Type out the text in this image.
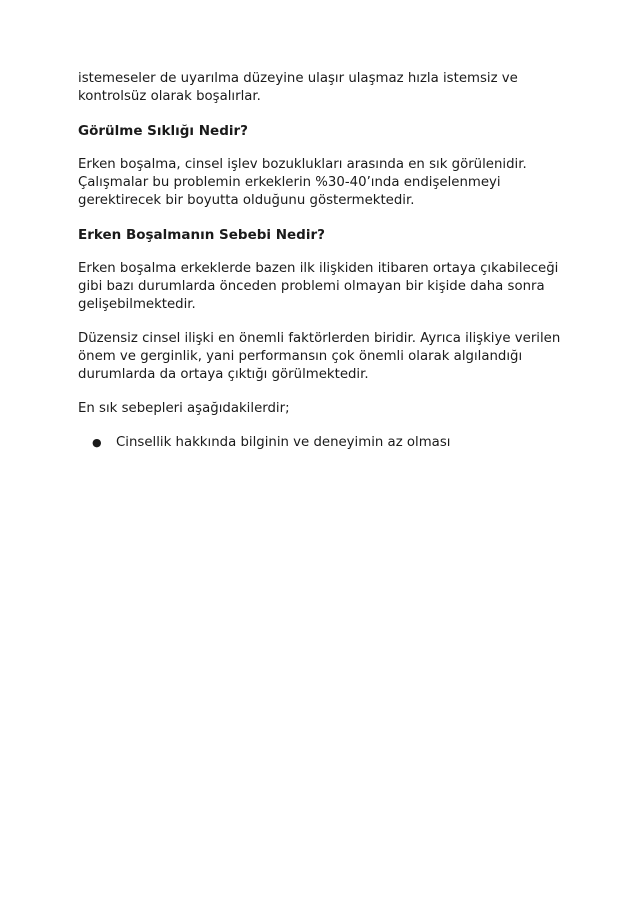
istemeseler de uyarılma düzeyine ulaşır ulaşmaz hızla istemsiz ve
kontrolsüz olarak boşalırlar.

Görülme Sıklığı Nedir?

Erken boşalma, cinsel işlev bozuklukları arasında en sık görülenidir.
Çalışmalar bu problemin erkeklerin %30-40’ında endişelenmeyi
gerektirecek bir boyutta olduğunu göstermektedir.

Erken Boşalmanın Sebebi Nedir?

Erken boşalma erkeklerde bazen ilk ilişkiden itibaren ortaya çıkabileceği
gibi bazı durumlarda önceden problemi olmayan bir kişide daha sonra
gelişebilmektedir.

Düzensiz cinsel ilişki en önemli faktörlerden biridir. Ayrıca ilişkiye verilen
önem ve gerginlik, yani performansın çok önemli olarak algılandığı
durumlarda da ortaya çıktığı görülmektedir.

En sık sebepleri aşağıdakilerdir;

● Cinsellik hakkında bilginin ve deneyimin az olması
